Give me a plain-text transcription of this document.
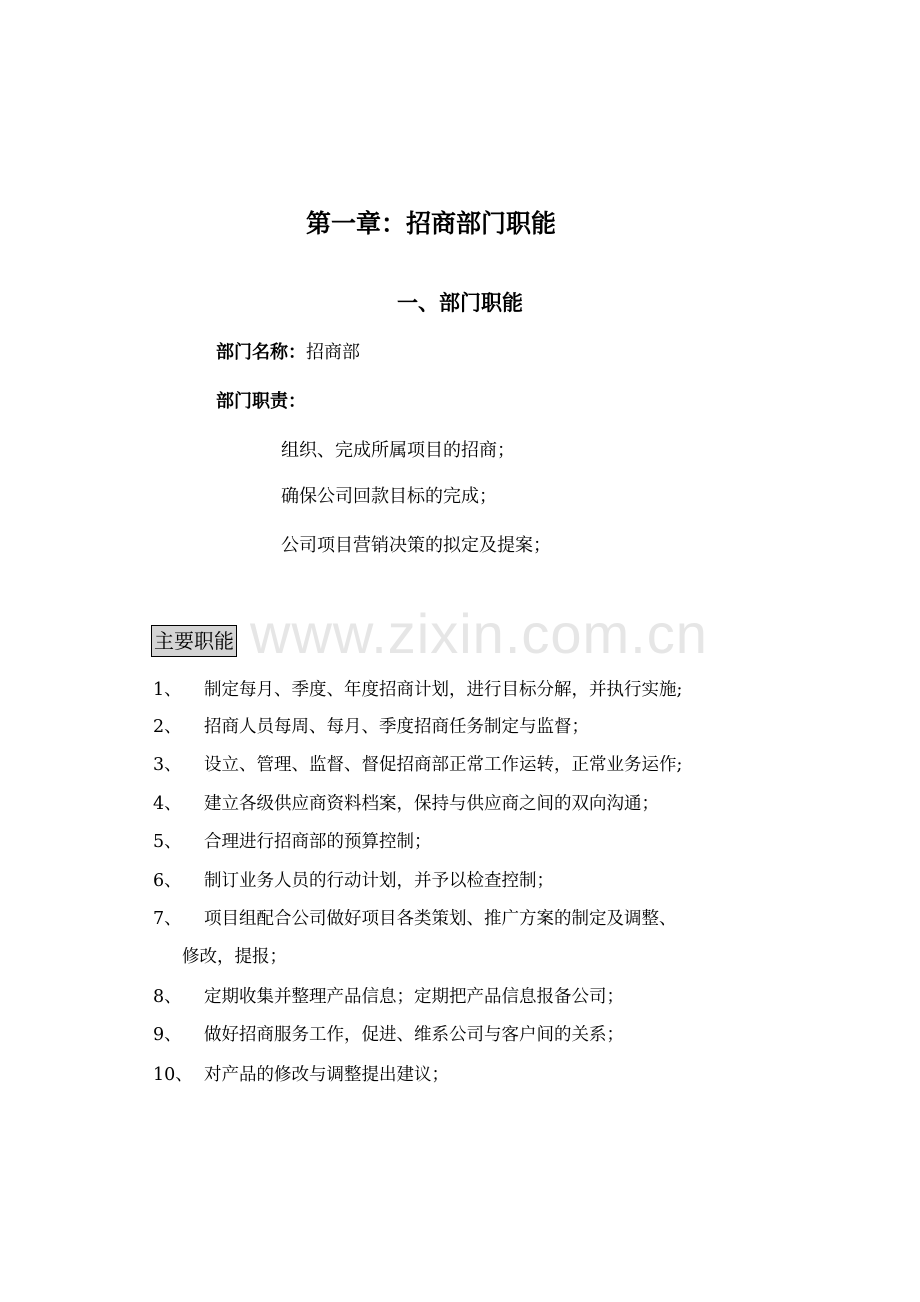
第一章：招商部门职能
一、部门职能
部门名称：招商部
部门职责：
组织、完成所属项目的招商；
确保公司回款目标的完成；
公司项目营销决策的拟定及提案；
www.zixin.com.cn
主要职能
1、 制定每月、季度、年度招商计划，进行目标分解，并执行实施;
2、 招商人员每周、每月、季度招商任务制定与监督；
3、 设立、管理、监督、督促招商部正常工作运转，正常业务运作;
4、 建立各级供应商资料档案，保持与供应商之间的双向沟通；
5、 合理进行招商部的预算控制；
6、 制订业务人员的行动计划，并予以检查控制；
7、 项目组配合公司做好项目各类策划、推广方案的制定及调整、
修改，提报；
8、 定期收集并整理产品信息；定期把产品信息报备公司；
9、 做好招商服务工作，促进、维系公司与客户间的关系；
10、 对产品的修改与调整提出建议；
